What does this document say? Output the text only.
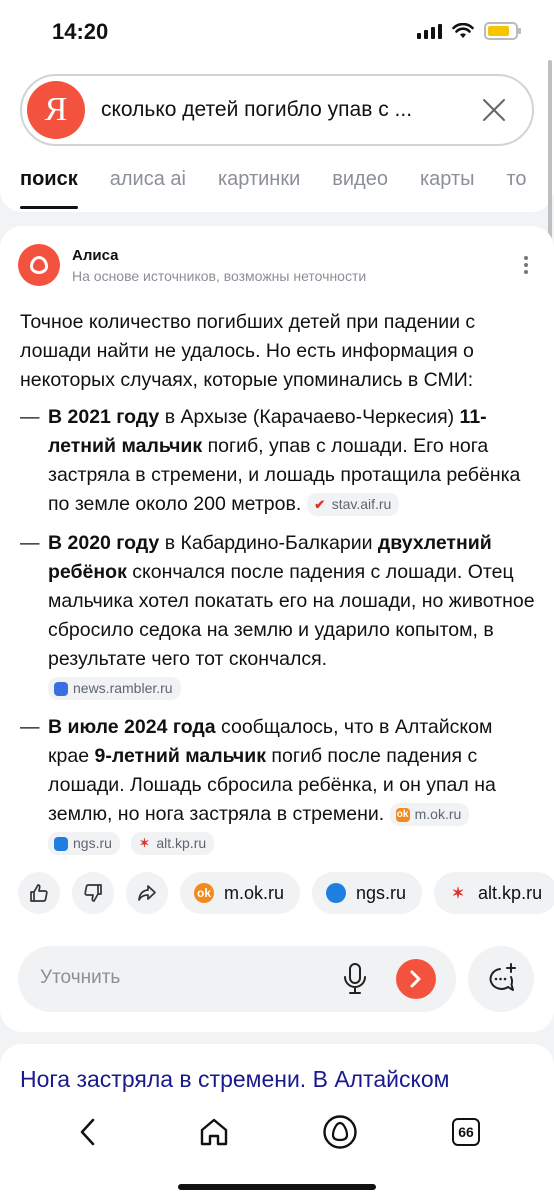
14:20
Я	сколько детей погибло упав с ...
поиск алиса ai картинки видео карты то
Алиса
На основе источников, возможны неточности

Точное количество погибших детей при падении с лошади найти не удалось. Но есть информация о некоторых случаях, которые упоминались в СМИ:

— В 2021 году в Архызе (Карачаево-Черкесия) 11-летний мальчик погиб, упав с лошади. Его нога застряла в стремени, и лошадь протащила ребёнка по земле около 200 метров. ✔ stav.aif.ru
— В 2020 году в Кабардино-Балкарии двухлетний ребёнок скончался после падения с лошади. Отец мальчика хотел покатать его на лошади, но животное сбросило седока на землю и ударило копытом, в результате чего тот скончался.

news.rambler.ru
— В июле 2024 года сообщалось, что в Алтайском крае 9-летний мальчик погиб после падения с лошади. Лошадь сбросила ребёнка, и он упал на землю, но нога застряла в стремени. ok m.ok.ru

ngs.ru
✶ alt.kp.ru
ok m.ok.ru	ngs.ru	✶ alt.kp.ru
Уточнить
Нога застряла в стремени. В Алтайском
66
